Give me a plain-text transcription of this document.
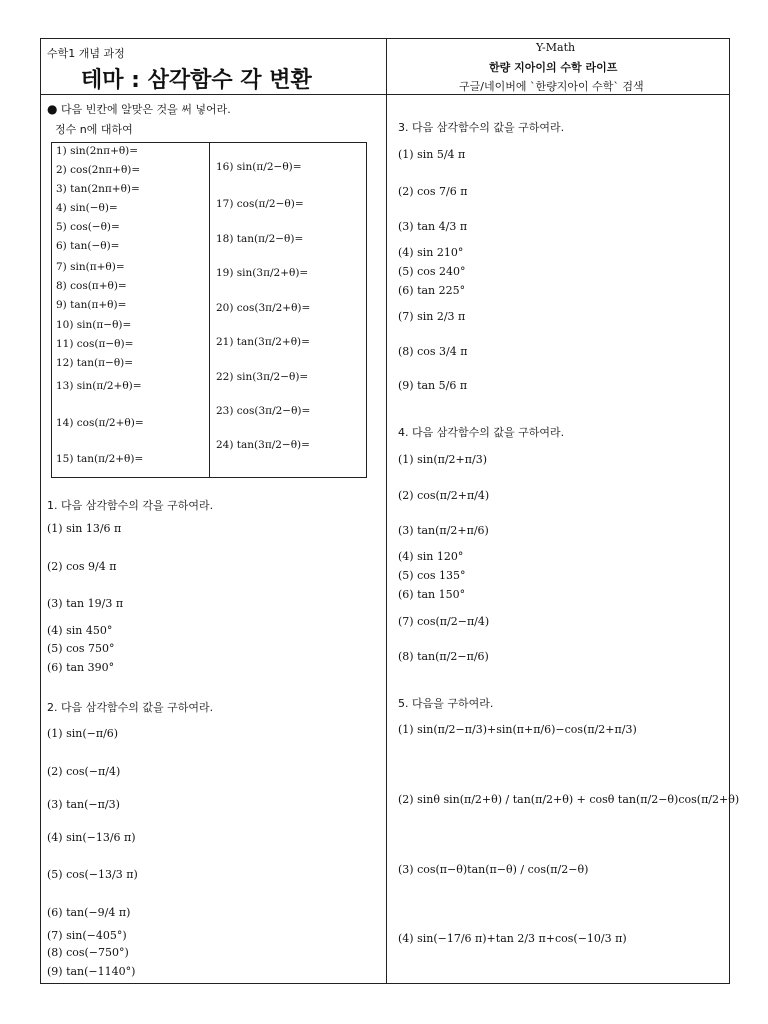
수학1 개념 과정
테마 : 삼각함수 각 변환
Y-Math
한량 지아이의 수학 라이프
구글/네이버에 `한량지아이 수학` 검색
● 다음 빈칸에 알맞은 것을 써 넣어라.
정수 n에 대하여
1) sin(2nπ+θ)=
2) cos(2nπ+θ)=
3) tan(2nπ+θ)=
4) sin(−θ)=
5) cos(−θ)=
6) tan(−θ)=
7) sin(π+θ)=
8) cos(π+θ)=
9) tan(π+θ)=
10) sin(π−θ)=
11) cos(π−θ)=
12) tan(π−θ)=
13) sin(π/2+θ)=
14) cos(π/2+θ)=
15) tan(π/2+θ)=
16) sin(π/2−θ)=
17) cos(π/2−θ)=
18) tan(π/2−θ)=
19) sin(3π/2+θ)=
20) cos(3π/2+θ)=
21) tan(3π/2+θ)=
22) sin(3π/2−θ)=
23) cos(3π/2−θ)=
24) tan(3π/2−θ)=
1. 다음 삼각함수의 각을 구하여라.
(1) sin 13/6 π
(2) cos 9/4 π
(3) tan 19/3 π
(4) sin 450°
(5) cos 750°
(6) tan 390°
2. 다음 삼각함수의 값을 구하여라.
(1) sin(−π/6)
(2) cos(−π/4)
(3) tan(−π/3)
(4) sin(−13/6 π)
(5) cos(−13/3 π)
(6) tan(−9/4 π)
(7) sin(−405°)
(8) cos(−750°)
(9) tan(−1140°)
3. 다음 삼각함수의 값을 구하여라.
(1) sin 5/4 π
(2) cos 7/6 π
(3) tan 4/3 π
(4) sin 210°
(5) cos 240°
(6) tan 225°
(7) sin 2/3 π
(8) cos 3/4 π
(9) tan 5/6 π
4. 다음 삼각함수의 값을 구하여라.
(1) sin(π/2+π/3)
(2) cos(π/2+π/4)
(3) tan(π/2+π/6)
(4) sin 120°
(5) cos 135°
(6) tan 150°
(7) cos(π/2−π/4)
(8) tan(π/2−π/6)
5. 다음을 구하여라.
(1) sin(π/2−π/3)+sin(π+π/6)−cos(π/2+π/3)
(2) sinθ sin(π/2+θ) / tan(π/2+θ) + cosθ tan(π/2−θ)cos(π/2+θ)
(3) cos(π−θ)tan(π−θ) / cos(π/2−θ)
(4) sin(−17/6 π)+tan 2/3 π+cos(−10/3 π)
